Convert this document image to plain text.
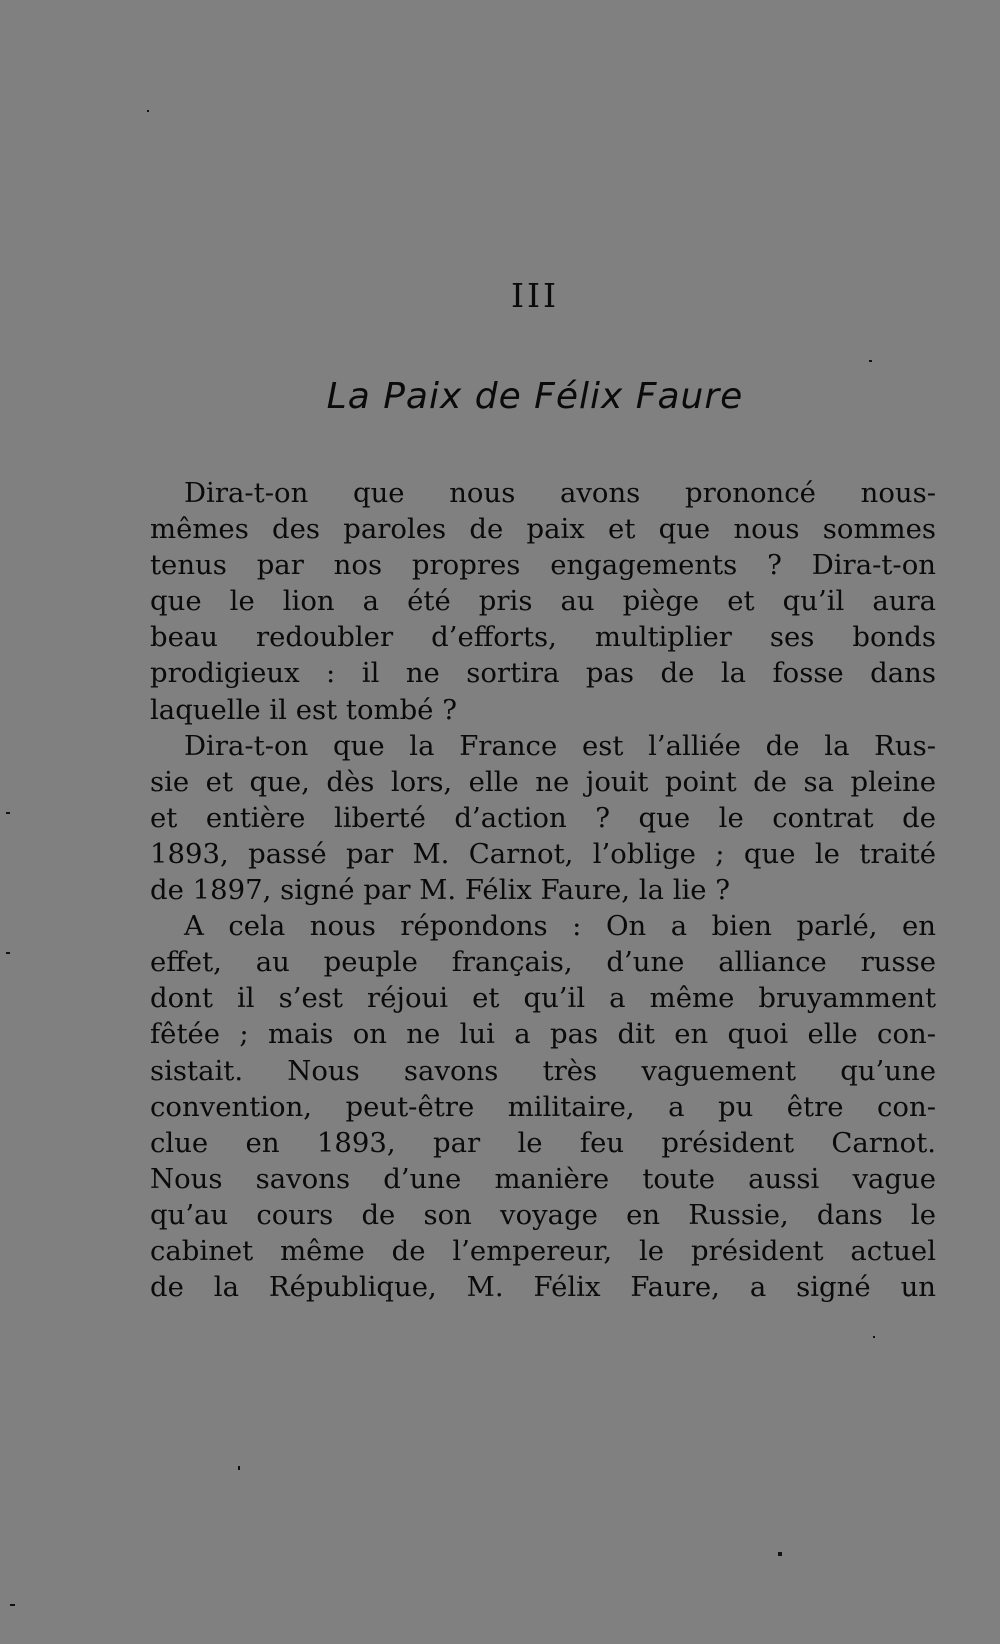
III
La Paix de Félix Faure
Dira-t-on que nous avons prononcé nous-
mêmes des paroles de paix et que nous sommes
tenus par nos propres engagements ? Dira-t-on
que le lion a été pris au piège et qu’il aura
beau redoubler d’efforts, multiplier ses bonds
prodigieux : il ne sortira pas de la fosse dans
laquelle il est tombé ?
Dira-t-on que la France est l’alliée de la Rus-
sie et que, dès lors, elle ne jouit point de sa pleine
et entière liberté d’action ? que le contrat de
1893, passé par M. Carnot, l’oblige ; que le traité
de 1897, signé par M. Félix Faure, la lie ?
A cela nous répondons : On a bien parlé, en
effet, au peuple français, d’une alliance russe
dont il s’est réjoui et qu’il a même bruyamment
fêtée ; mais on ne lui a pas dit en quoi elle con-
sistait. Nous savons très vaguement qu’une
convention, peut-être militaire, a pu être con-
clue en 1893, par le feu président Carnot.
Nous savons d’une manière toute aussi vague
qu’au cours de son voyage en Russie, dans le
cabinet même de l’empereur, le président actuel
de la République, M. Félix Faure, a signé un
